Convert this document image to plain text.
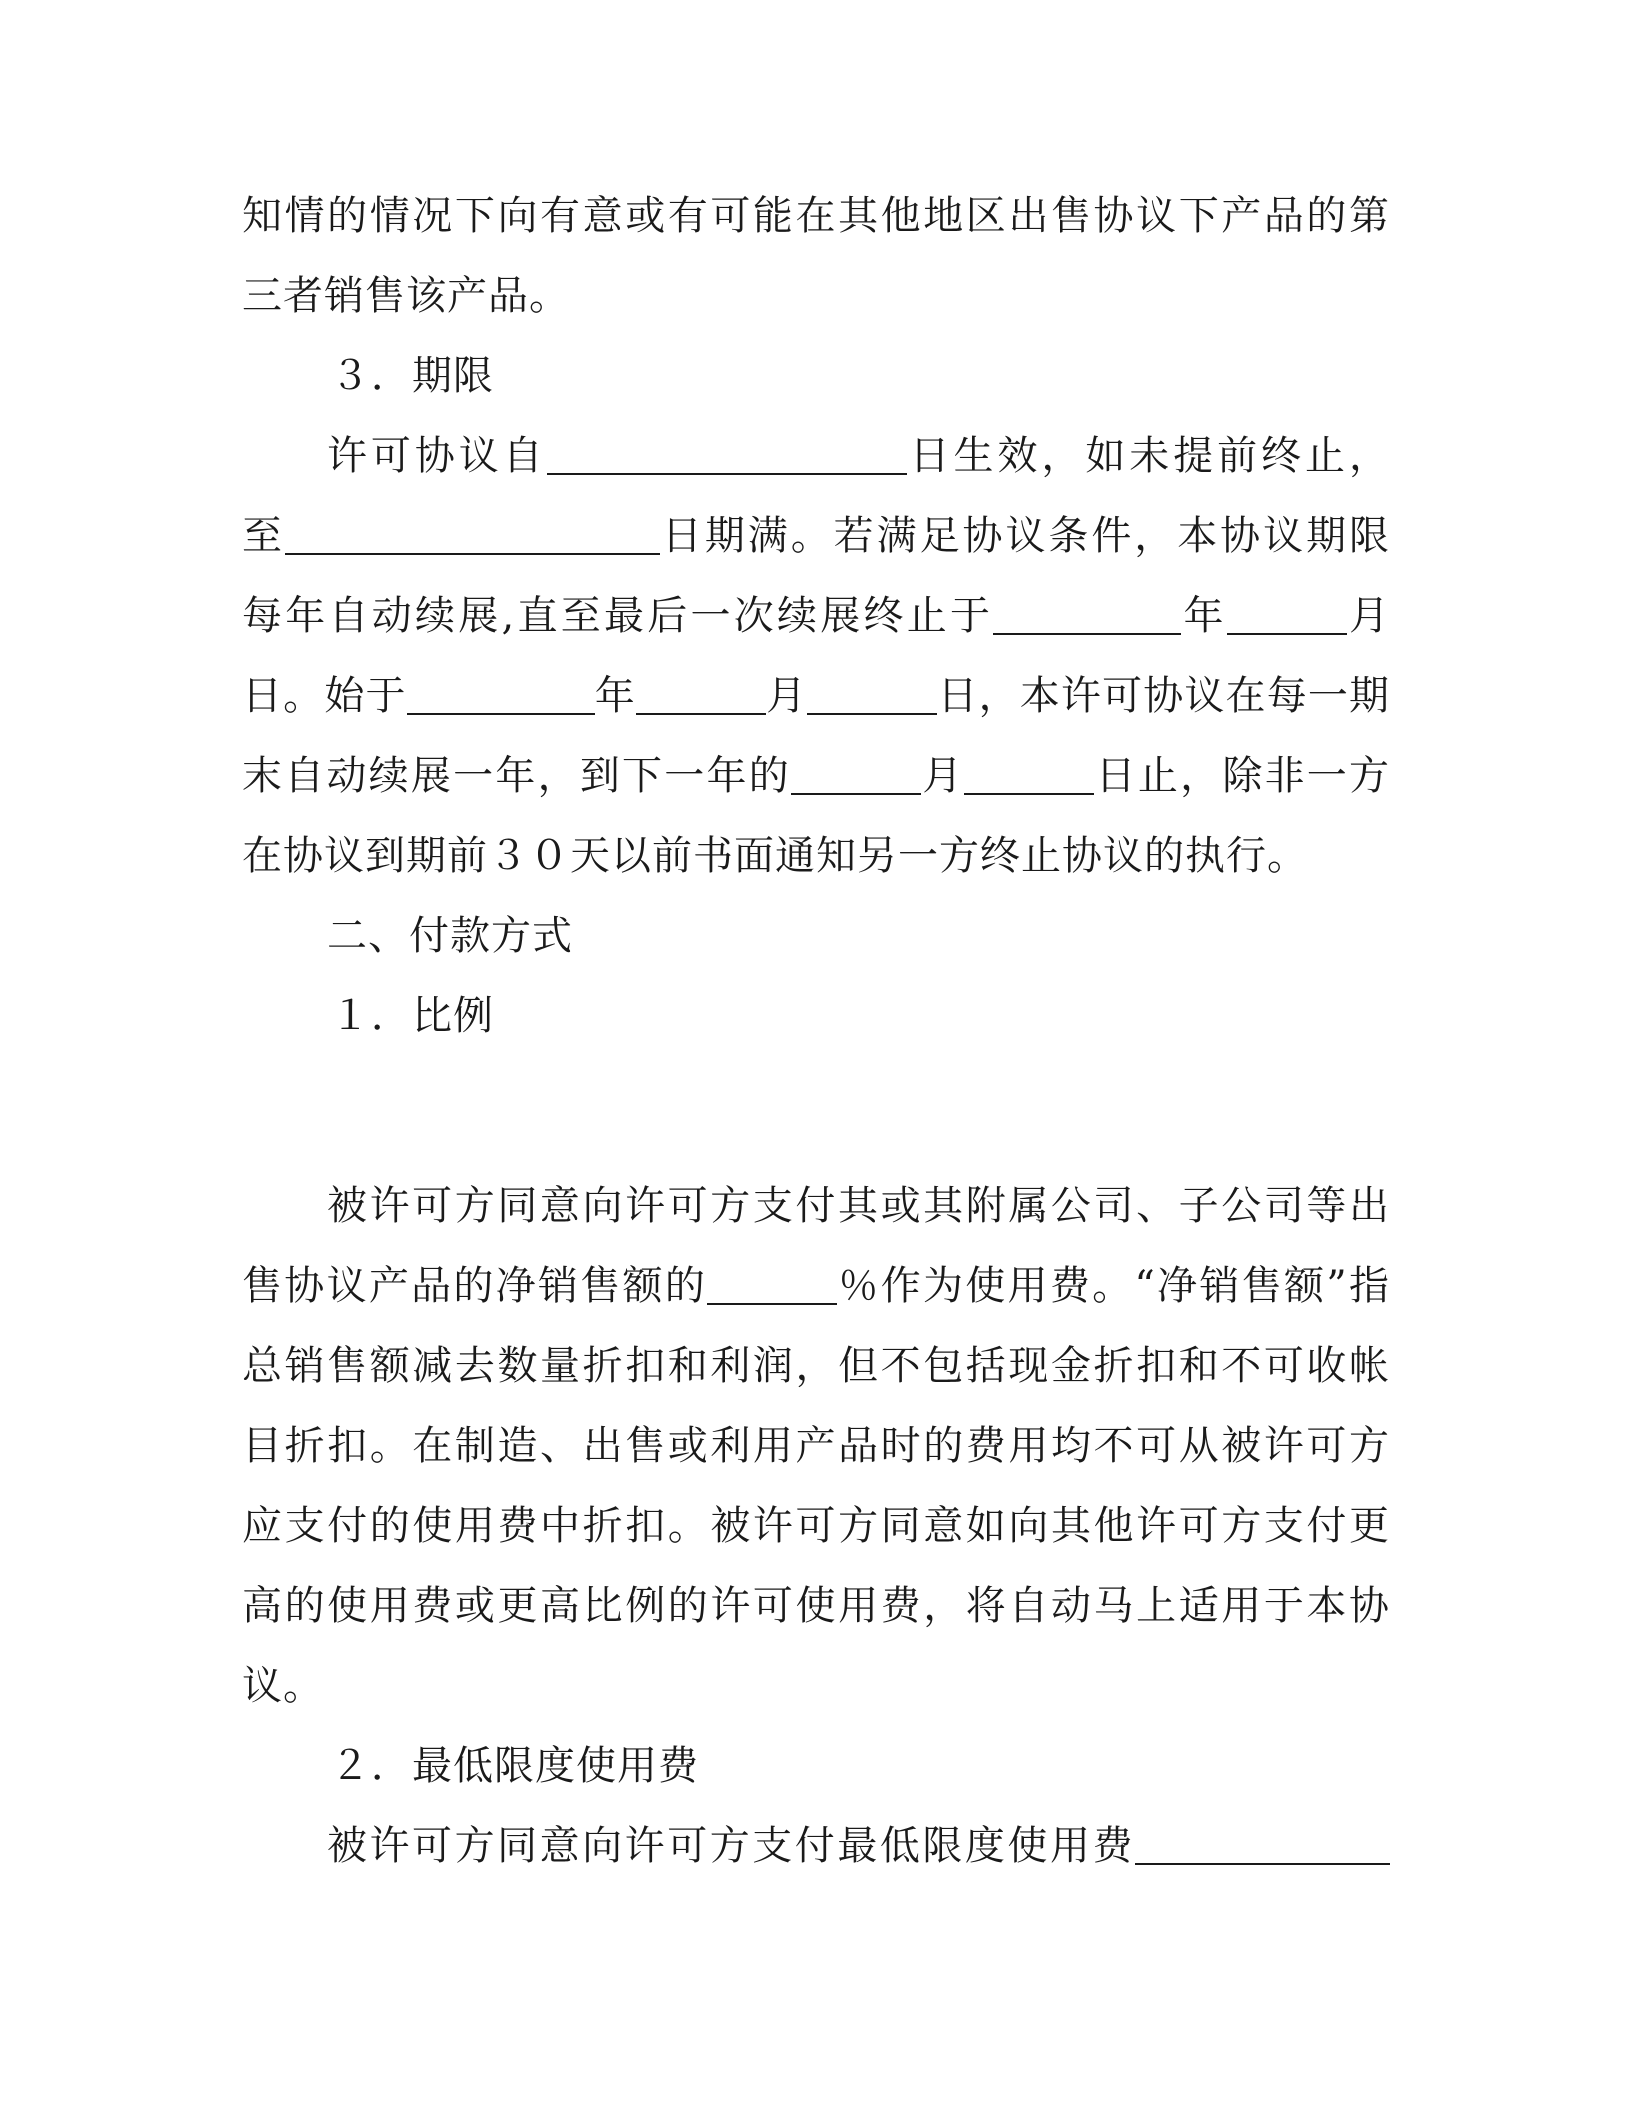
知情的情况下向有意或有可能在其他地区出售协议下产品的第
三者销售该产品。
３．期限
许可协议自	日生效，如未提前终止，
至	日期满。若满足协议条件，本协议期限
每年自动续展,直至最后一次续展终止于	年	月
日。始于	年	月	日，本许可协议在每一期
末自动续展一年，到下一年的	月	日止，除非一方
在协议到期前３０天以前书面通知另一方终止协议的执行。
二、付款方式
１．比例
被许可方同意向许可方支付其或其附属公司、子公司等出
售协议产品的净销售额的	％作为使用费。“净销售额”指
总销售额减去数量折扣和利润，但不包括现金折扣和不可收帐
目折扣。在制造、出售或利用产品时的费用均不可从被许可方
应支付的使用费中折扣。被许可方同意如向其他许可方支付更
高的使用费或更高比例的许可使用费，将自动马上适用于本协
议。
２．最低限度使用费
被许可方同意向许可方支付最低限度使用费
